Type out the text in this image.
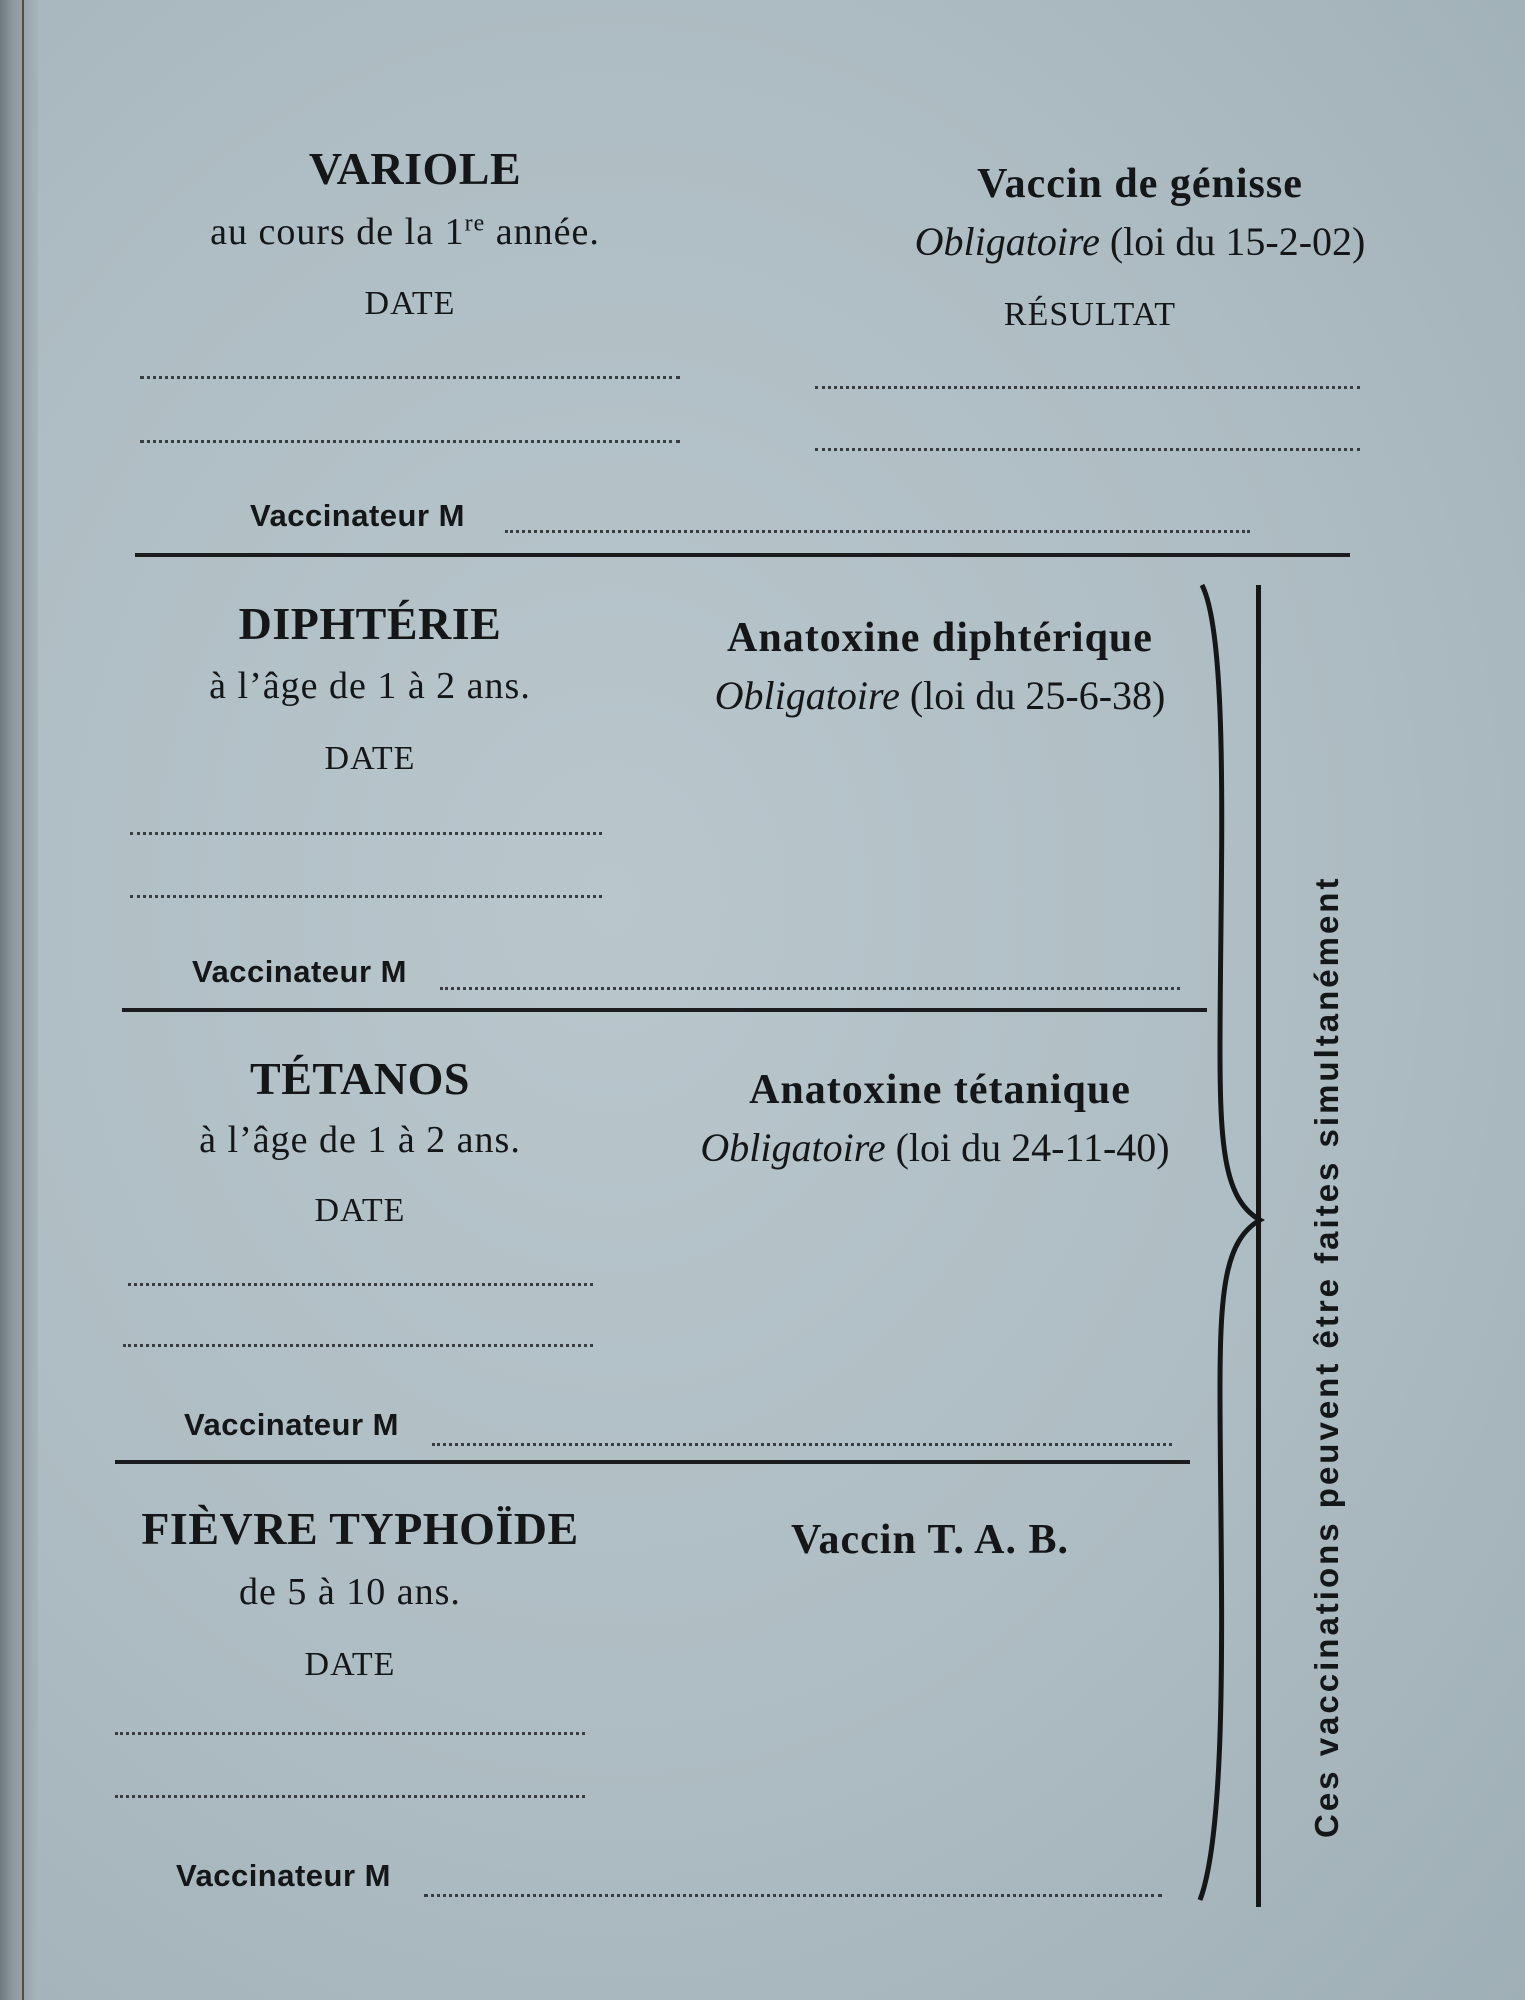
VARIOLE
au cours de la 1re année.
DATE
Vaccin de génisse
Obligatoire (loi du 15-2-02)
RÉSULTAT
Vaccinateur M
DIPHTÉRIE
à l’âge de 1 à 2 ans.
DATE
Anatoxine diphtérique
Obligatoire (loi du 25-6-38)
Vaccinateur M
TÉTANOS
à l’âge de 1 à 2 ans.
DATE
Anatoxine tétanique
Obligatoire (loi du 24-11-40)
Vaccinateur M
FIÈVRE TYPHOÏDE
de 5 à 10 ans.
DATE
Vaccin T. A. B.
Vaccinateur M
Ces vaccinations peuvent être faites simultanément
